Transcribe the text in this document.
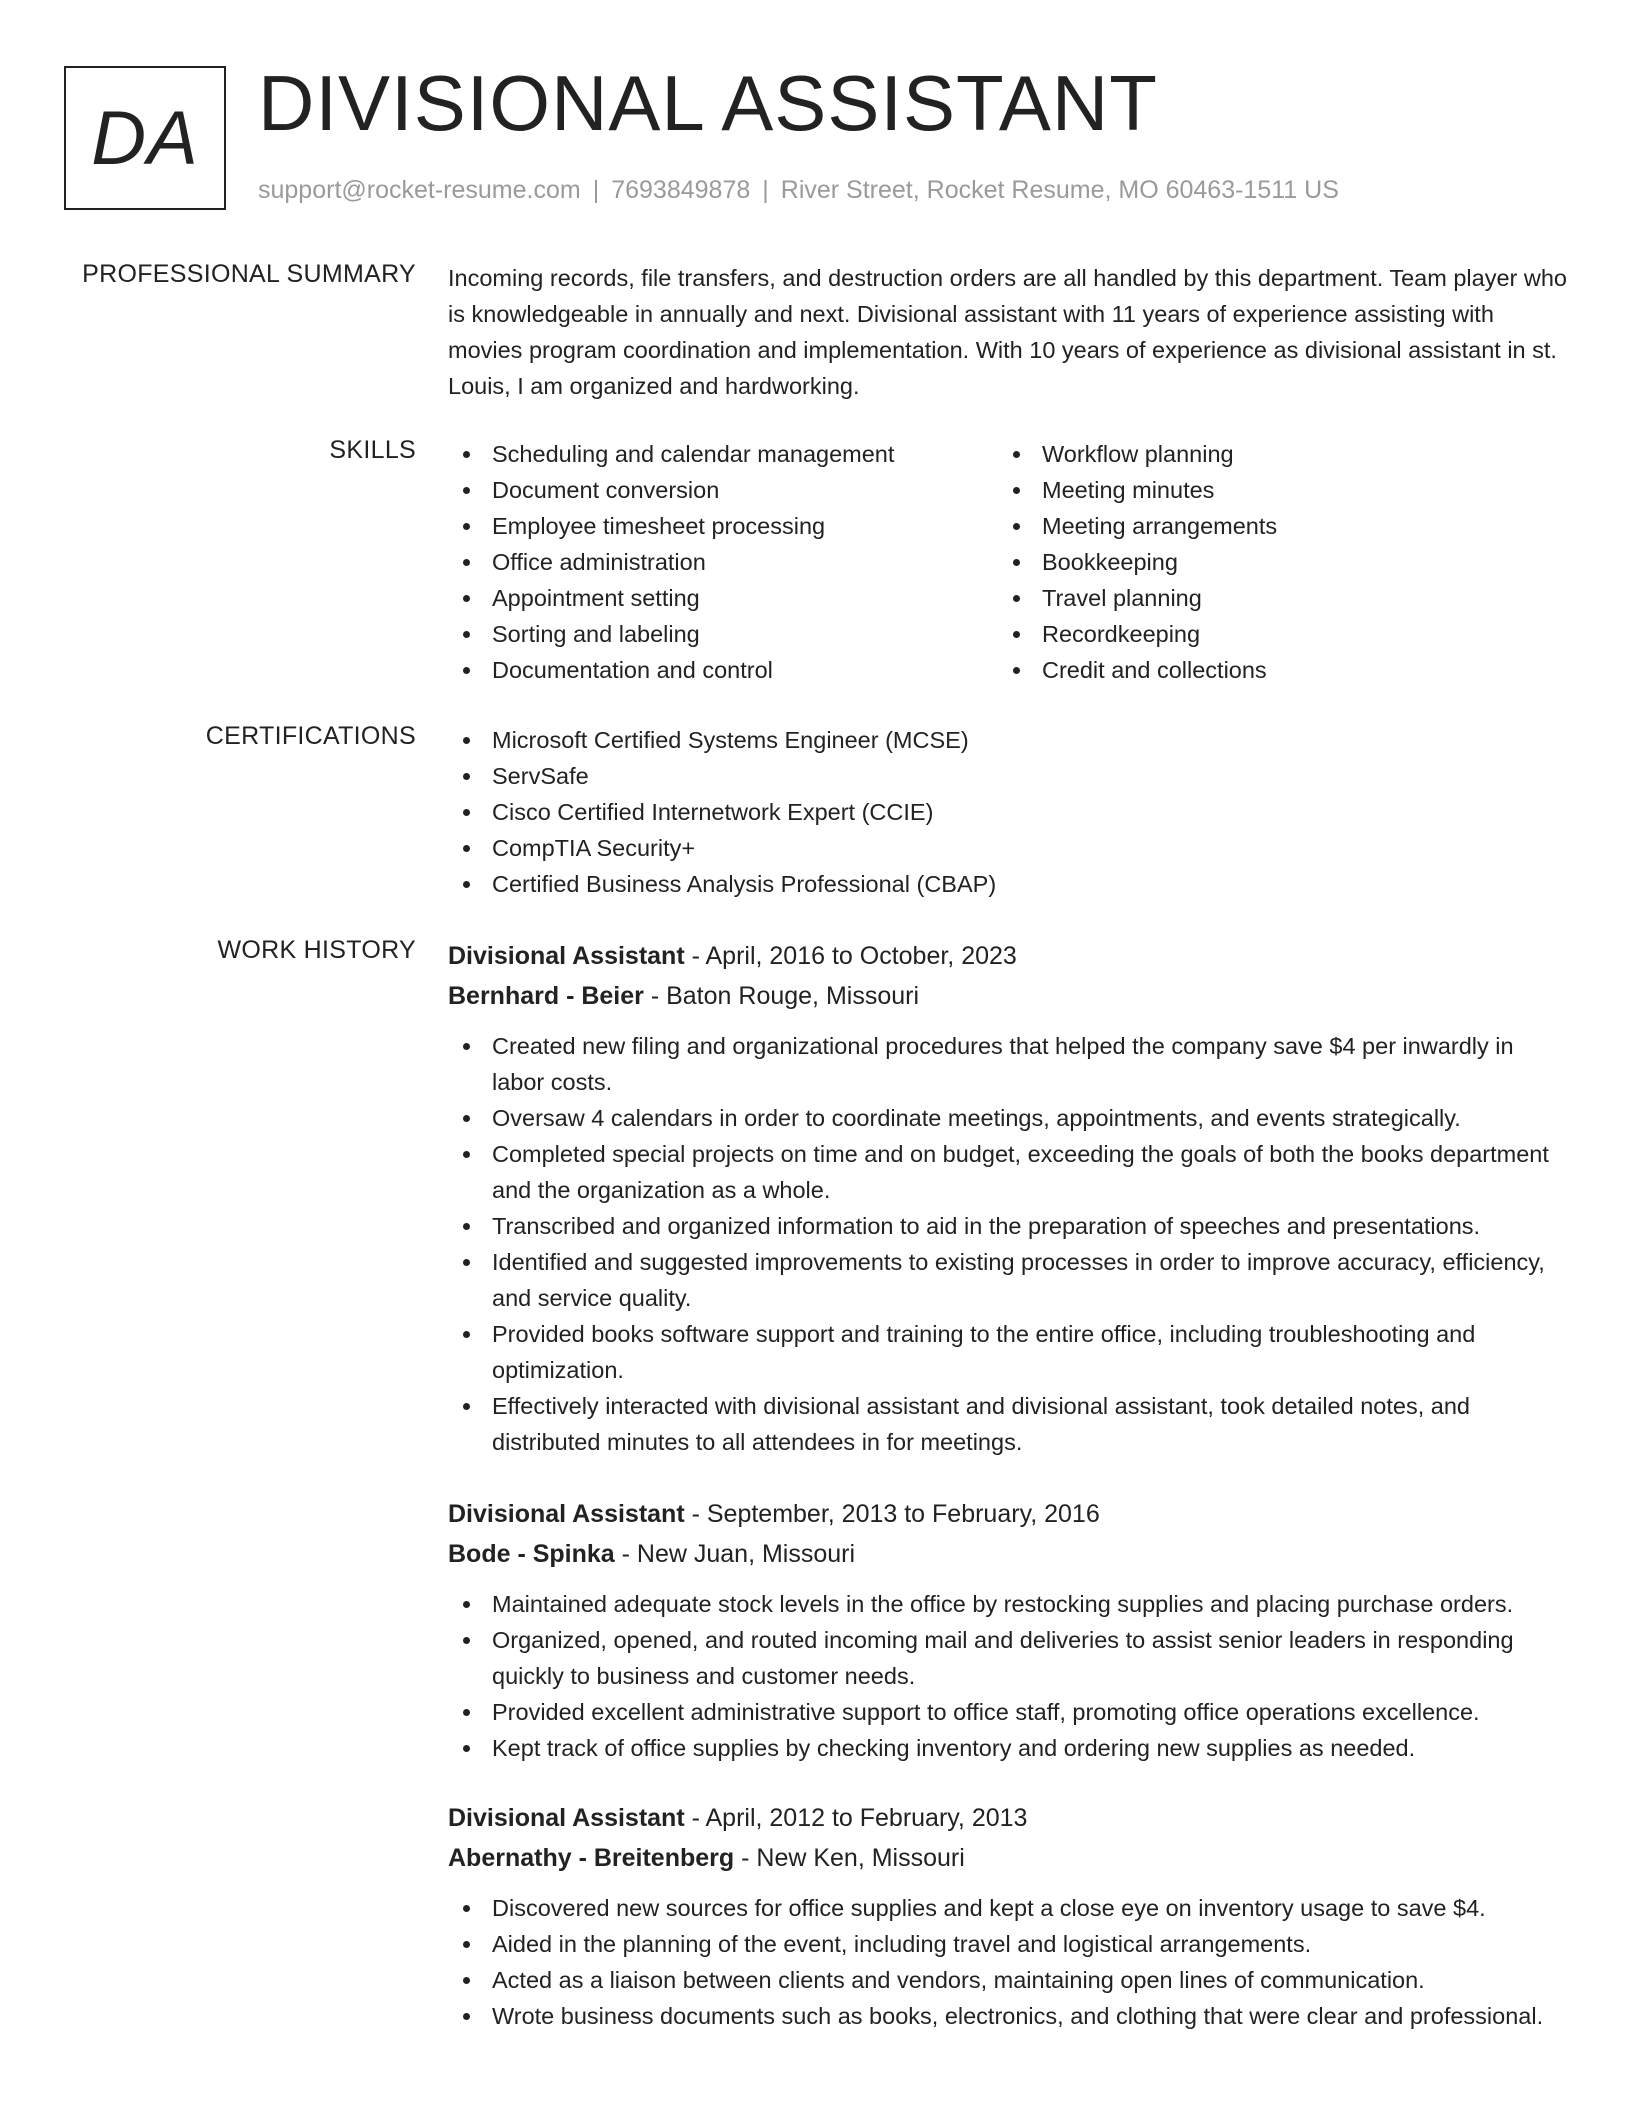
DA DIVISIONAL ASSISTANT
support@rocket-resume.com | 7693849878 | River Street, Rocket Resume, MO 60463-1511 US
PROFESSIONAL SUMMARY Incoming records, file transfers, and destruction orders are all handled by this department. Team player who is knowledgeable in annually and next. Divisional assistant with 11 years of experience assisting with movies program coordination and implementation. With 10 years of experience as divisional assistant in st. Louis, I am organized and hardworking.
SKILLS	Scheduling and calendar management
Document conversion
Employee timesheet processing
Office administration
Appointment setting
Sorting and labeling
Documentation and control
Workflow planning
Meeting minutes
Meeting arrangements
Bookkeeping
Travel planning
Recordkeeping
Credit and collections
CERTIFICATIONS	Microsoft Certified Systems Engineer (MCSE)
ServSafe
Cisco Certified Internetwork Expert (CCIE)
CompTIA Security+
Certified Business Analysis Professional (CBAP)
WORK HISTORY Divisional Assistant - April, 2016 to October, 2023
Bernhard - Beier - Baton Rouge, Missouri
Created new filing and organizational procedures that helped the company save $4 per inwardly in labor costs.
Oversaw 4 calendars in order to coordinate meetings, appointments, and events strategically.
Completed special projects on time and on budget, exceeding the goals of both the books department and the organization as a whole.
Transcribed and organized information to aid in the preparation of speeches and presentations.
Identified and suggested improvements to existing processes in order to improve accuracy, efficiency, and service quality.
Provided books software support and training to the entire office, including troubleshooting and optimization.
Effectively interacted with divisional assistant and divisional assistant, took detailed notes, and distributed minutes to all attendees in for meetings.
Divisional Assistant - September, 2013 to February, 2016
Bode - Spinka - New Juan, Missouri
Maintained adequate stock levels in the office by restocking supplies and placing purchase orders.
Organized, opened, and routed incoming mail and deliveries to assist senior leaders in responding quickly to business and customer needs.
Provided excellent administrative support to office staff, promoting office operations excellence.
Kept track of office supplies by checking inventory and ordering new supplies as needed.
Divisional Assistant - April, 2012 to February, 2013
Abernathy - Breitenberg - New Ken, Missouri
Discovered new sources for office supplies and kept a close eye on inventory usage to save $4.
Aided in the planning of the event, including travel and logistical arrangements.
Acted as a liaison between clients and vendors, maintaining open lines of communication.
Wrote business documents such as books, electronics, and clothing that were clear and professional.
